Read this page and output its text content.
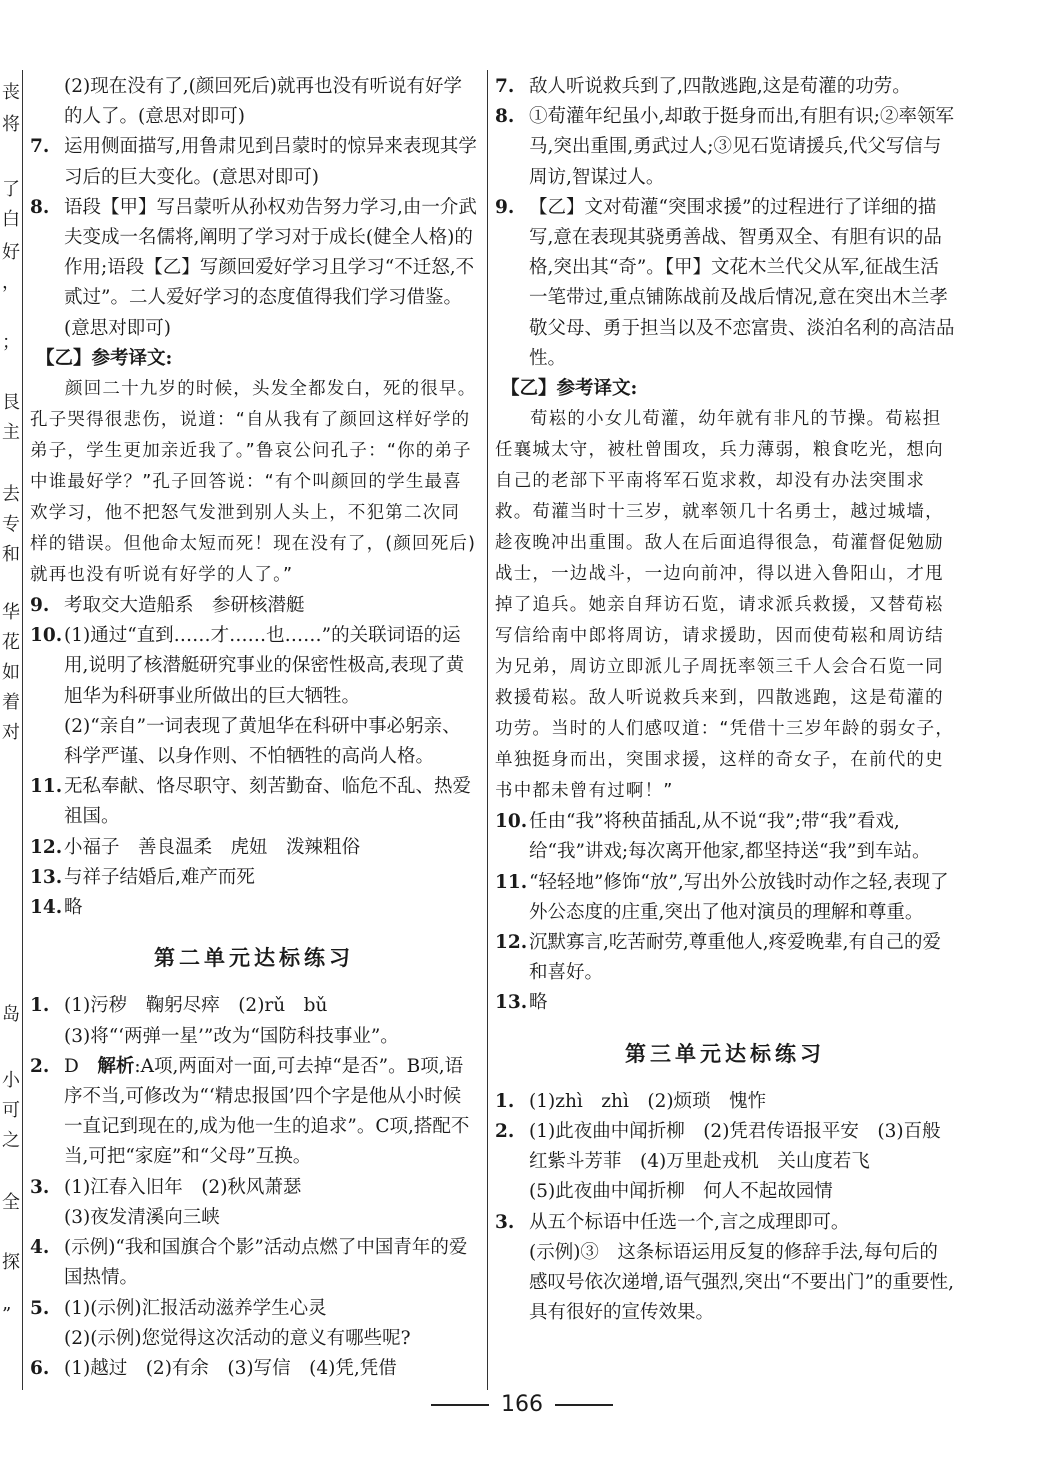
丧
将
了
白
好
，
；
艮
主
去
专
和
华
花
如
着
对
岛
小
可
之
全
探
”

(2)现在没有了,(颜回死后)就再也没有听说有好学的人了。(意思对即可)

7. 运用侧面描写,用鲁肃见到吕蒙时的惊异来表现其学习后的巨大变化。(意思对即可)
8. 语段【甲】写吕蒙听从孙权劝告努力学习,由一介武夫变成一名儒将,阐明了学习对于成长(健全人格)的作用;语段【乙】写颜回爱好学习且学习“不迁怒,不贰过”。二人爱好学习的态度值得我们学习借鉴。(意思对即可)

【乙】参考译文:

颜回二十九岁的时候，头发全都发白，死的很早。孔子哭得很悲伤，说道：“自从我有了颜回这样好学的弟子，学生更加亲近我了。”鲁哀公问孔子：“你的弟子中谁最好学？”孔子回答说：“有个叫颜回的学生最喜欢学习，他不把怒气发泄到别人头上，不犯第二次同样的错误。但他命太短而死！现在没有了，(颜回死后)就再也没有听说有好学的人了。”

9. 考取交大造船系　参研核潜艇
10. (1)通过“直到……才……也……”的关联词语的运用,说明了核潜艇研究事业的保密性极高,表现了黄旭华为科研事业所做出的巨大牺牲。
(2)“亲自”一词表现了黄旭华在科研中事必躬亲、科学严谨、以身作则、不怕牺牲的高尚人格。
11. 无私奉献、恪尽职守、刻苦勤奋、临危不乱、热爱祖国。
12. 小福子　善良温柔　虎妞　泼辣粗俗
13. 与祥子结婚后,难产而死
14. 略
第二单元达标练习
1. (1)污秽　鞠躬尽瘁　(2)rǔ　bǔ
(3)将“‘两弹一星’”改为“国防科技事业”。
2. D　解析:A项,两面对一面,可去掉“是否”。B项,语序不当,可修改为“‘精忠报国’四个字是他从小时候一直记到现在的,成为他一生的追求”。C项,搭配不当,可把“家庭”和“父母”互换。
3. (1)江春入旧年　(2)秋风萧瑟
(3)夜发清溪向三峡
4. (示例)“我和国旗合个影”活动点燃了中国青年的爱国热情。
5. (1)(示例)汇报活动滋养学生心灵
(2)(示例)您觉得这次活动的意义有哪些呢?
6. (1)越过　(2)有余　(3)写信　(4)凭,凭借
7. 敌人听说救兵到了,四散逃跑,这是荀灌的功劳。
8. ①荀灌年纪虽小,却敢于挺身而出,有胆有识;②率领军马,突出重围,勇武过人;③见石览请援兵,代父写信与周访,智谋过人。
9. 【乙】文对荀灌“突围求援”的过程进行了详细的描写,意在表现其骁勇善战、智勇双全、有胆有识的品格,突出其“奇”。【甲】文花木兰代父从军,征战生活一笔带过,重点铺陈战前及战后情况,意在突出木兰孝敬父母、勇于担当以及不恋富贵、淡泊名利的高洁品性。

【乙】参考译文:

荀崧的小女儿荀灌，幼年就有非凡的节操。荀崧担任襄城太守，被杜曾围攻，兵力薄弱，粮食吃光，想向自己的老部下平南将军石览求救，却没有办法突围求救。荀灌当时十三岁，就率领几十名勇士，越过城墙，趁夜晚冲出重围。敌人在后面追得很急，荀灌督促勉励战士，一边战斗，一边向前冲，得以进入鲁阳山，才甩掉了追兵。她亲自拜访石览，请求派兵救援，又替荀崧写信给南中郎将周访，请求援助，因而使荀崧和周访结为兄弟，周访立即派儿子周抚率领三千人会合石览一同救援荀崧。敌人听说救兵来到，四散逃跑，这是荀灌的功劳。当时的人们感叹道：“凭借十三岁年龄的弱女子，单独挺身而出，突围求援，这样的奇女子，在前代的史书中都未曾有过啊！”

10. 任由“我”将秧苗插乱,从不说“我”;带“我”看戏,给“我”讲戏;每次离开他家,都坚持送“我”到车站。
11. “轻轻地”修饰“放”,写出外公放钱时动作之轻,表现了外公态度的庄重,突出了他对演员的理解和尊重。
12. 沉默寡言,吃苦耐劳,尊重他人,疼爱晚辈,有自己的爱和喜好。
13. 略
第三单元达标练习
1. (1)zhì　zhì　(2)烦琐　愧怍
2. (1)此夜曲中闻折柳　(2)凭君传语报平安　(3)百般红紫斗芳菲　(4)万里赴戎机　关山度若飞
(5)此夜曲中闻折柳　何人不起故园情
3. 从五个标语中任选一个,言之成理即可。
(示例)③　这条标语运用反复的修辞手法,每句后的感叹号依次递增,语气强烈,突出“不要出门”的重要性,具有很好的宣传效果。
166
